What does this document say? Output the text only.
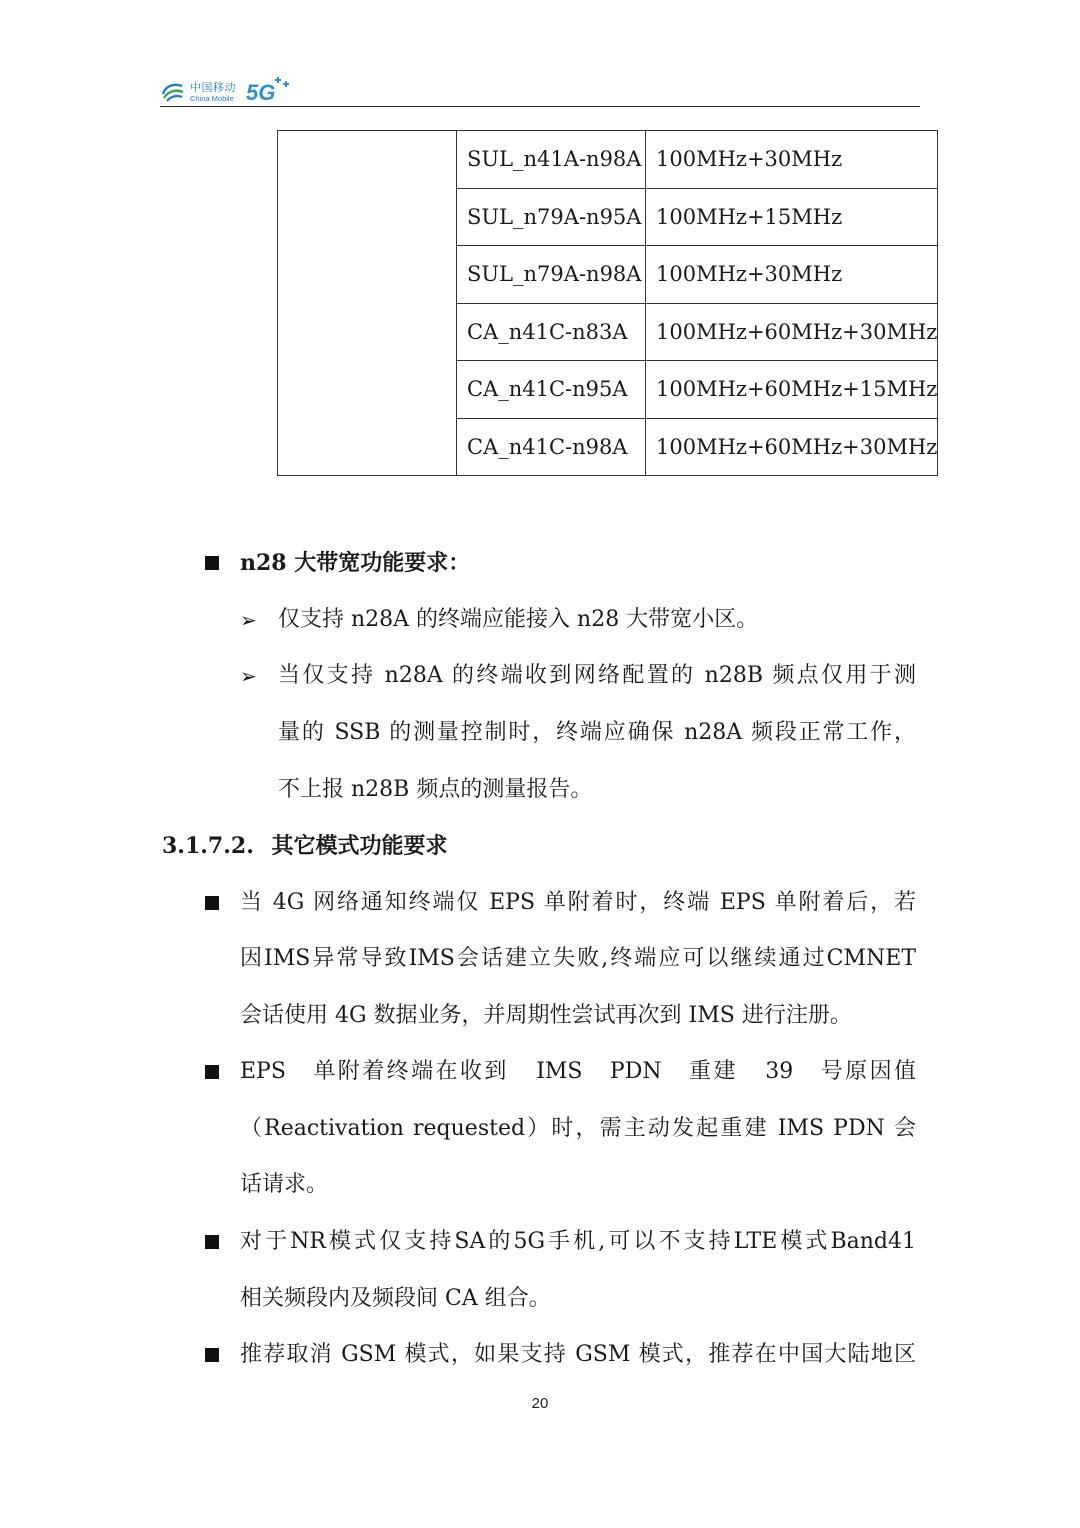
中国移动
China Mobile 5G
	SUL_n41A-n98A	100MHz+30MHz
	SUL_n79A-n95A	100MHz+15MHz
	SUL_n79A-n98A	100MHz+30MHz
	CA_n41C-n83A	100MHz+60MHz+30MHz
	CA_n41C-n95A	100MHz+60MHz+15MHz
	CA_n41C-n98A	100MHz+60MHz+30MHz
n28 大带宽功能要求：
➢ 仅支持 n28A 的终端应能接入 n28 大带宽小区。
➢ 当仅支持 n28A 的终端收到网络配置的 n28B 频点仅用于测
量的 SSB 的测量控制时，终端应确保 n28A 频段正常工作，
不上报 n28B 频点的测量报告。
3.1.7.2. 其它模式功能要求
当 4G 网络通知终端仅 EPS 单附着时，终端 EPS 单附着后，若
因IMS异常导致IMS会话建立失败,终端应可以继续通过CMNET
会话使用 4G 数据业务，并周期性尝试再次到 IMS 进行注册。
EPS 单附着终端在收到 IMS PDN 重建 39 号原因值
（Reactivation requested）时，需主动发起重建 IMS PDN 会
话请求。
对于NR模式仅支持SA的5G手机,可以不支持LTE模式Band41
相关频段内及频段间 CA 组合。
推荐取消 GSM 模式，如果支持 GSM 模式，推荐在中国大陆地区
20
